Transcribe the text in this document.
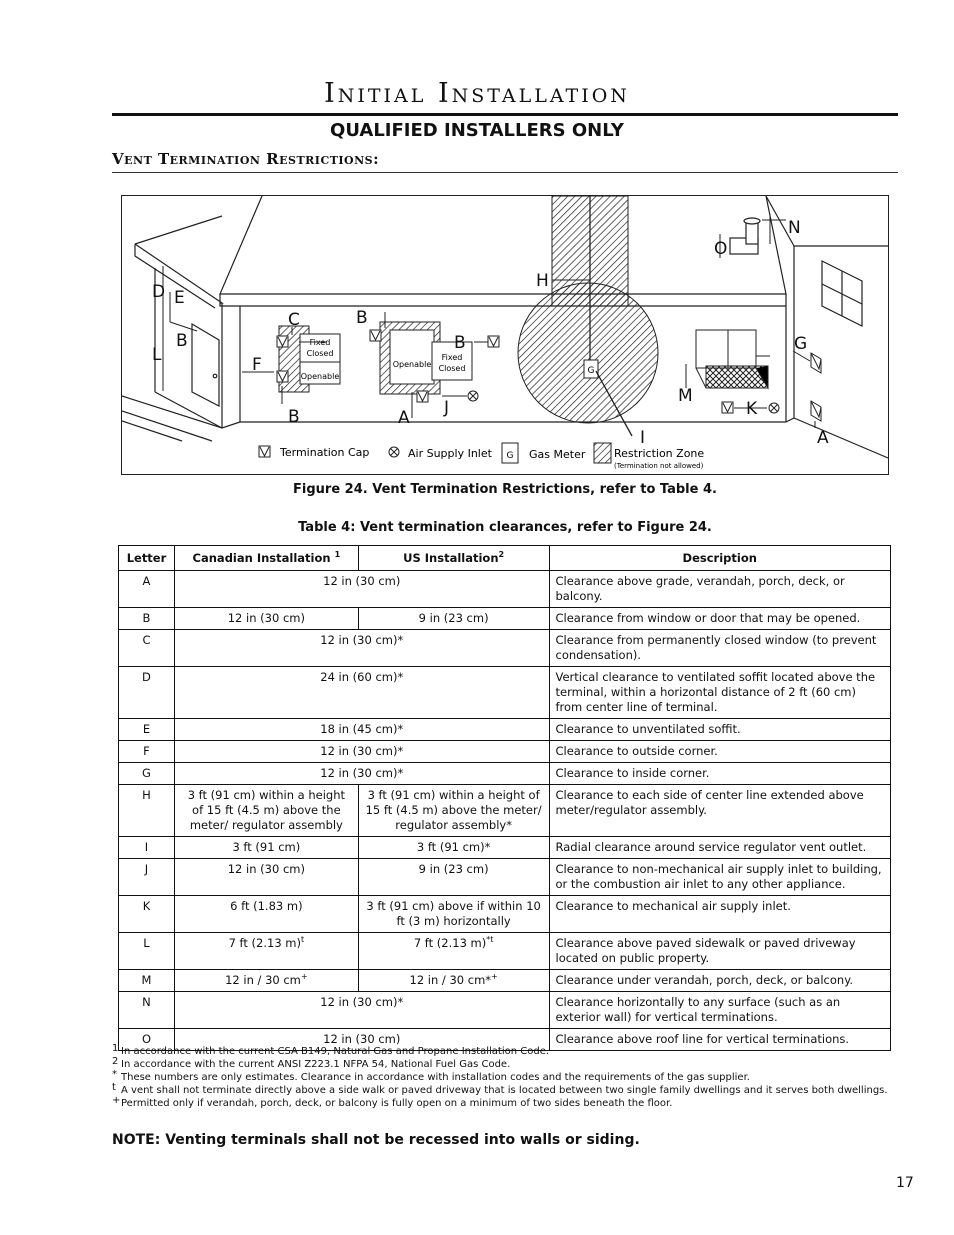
Initial Installation
QUALIFIED INSTALLERS ONLY
Vent Termination Restrictions:
Fixed
Closed
Openable
Openable
Fixed
Closed	G
D E
B
L	F
C
B
B
B
A J
H
I
M
K
G
A
O
N
Termination Cap	Air Supply Inlet G Gas Meter	Restriction Zone
(Termination not allowed)
Figure 24. Vent Termination Restrictions, refer to Table 4.
Table 4: Vent termination clearances, refer to Figure 24.
Letter	Canadian Installation $^1$	US Installation$^2$	Description
A	12 in (30 cm)		Clearance above grade, verandah, porch, deck, or balcony.
B	12 in (30 cm)	9 in (23 cm)	Clearance from window or door that may be opened.
C	12 in (30 cm)*		Clearance from permanently closed window (to prevent condensation).
D	24 in (60 cm)*		Vertical clearance to ventilated soffit located above the terminal, within a horizontal distance of 2 ft (60 cm) from center line of terminal.
E	18 in (45 cm)*		Clearance to unventilated soffit.
F	12 in (30 cm)*		Clearance to outside corner.
G	12 in (30 cm)*		Clearance to inside corner.
H	3 ft (91 cm) within a height of 15 ft (4.5 m) above the meter/ regulator assembly	3 ft (91 cm) within a height of 15 ft (4.5 m) above the meter/ regulator assembly*	Clearance to each side of center line extended above meter/regulator assembly.
I	3 ft (91 cm)	3 ft (91 cm)*	Radial clearance around service regulator vent outlet.
J	12 in (30 cm)	9 in (23 cm)	Clearance to non-mechanical air supply inlet to building, or the combustion air inlet to any other appliance.
K	6 ft (1.83 m)	3 ft (91 cm) above if within 10 ft (3 m) horizontally	Clearance to mechanical air supply inlet.
L	7 ft (2.13 m)$^t$	7 ft (2.13 m)$^{*t}$	Clearance above paved sidewalk or paved driveway located on public property.
M	12 in / 30 cm+	12 in / 30 cm*+	Clearance under verandah, porch, deck, or balcony.
N	12 in (30 cm)*		Clearance horizontally to any surface (such as an exterior wall) for vertical terminations.
O	12 in (30 cm)		Clearance above roof line for vertical terminations.
1 In accordance with the current CSA B149, Natural Gas and Propane Installation Code.
2 In accordance with the current ANSI Z223.1 NFPA 54, National Fuel Gas Code.
* These numbers are only estimates. Clearance in accordance with installation codes and the requirements of the gas supplier.
t A vent shall not terminate directly above a side walk or paved driveway that is located between two single family dwellings and it serves both dwellings.
+ Permitted only if verandah, porch, deck, or balcony is fully open on a minimum of two sides beneath the floor.
NOTE: Venting terminals shall not be recessed into walls or siding.
17
